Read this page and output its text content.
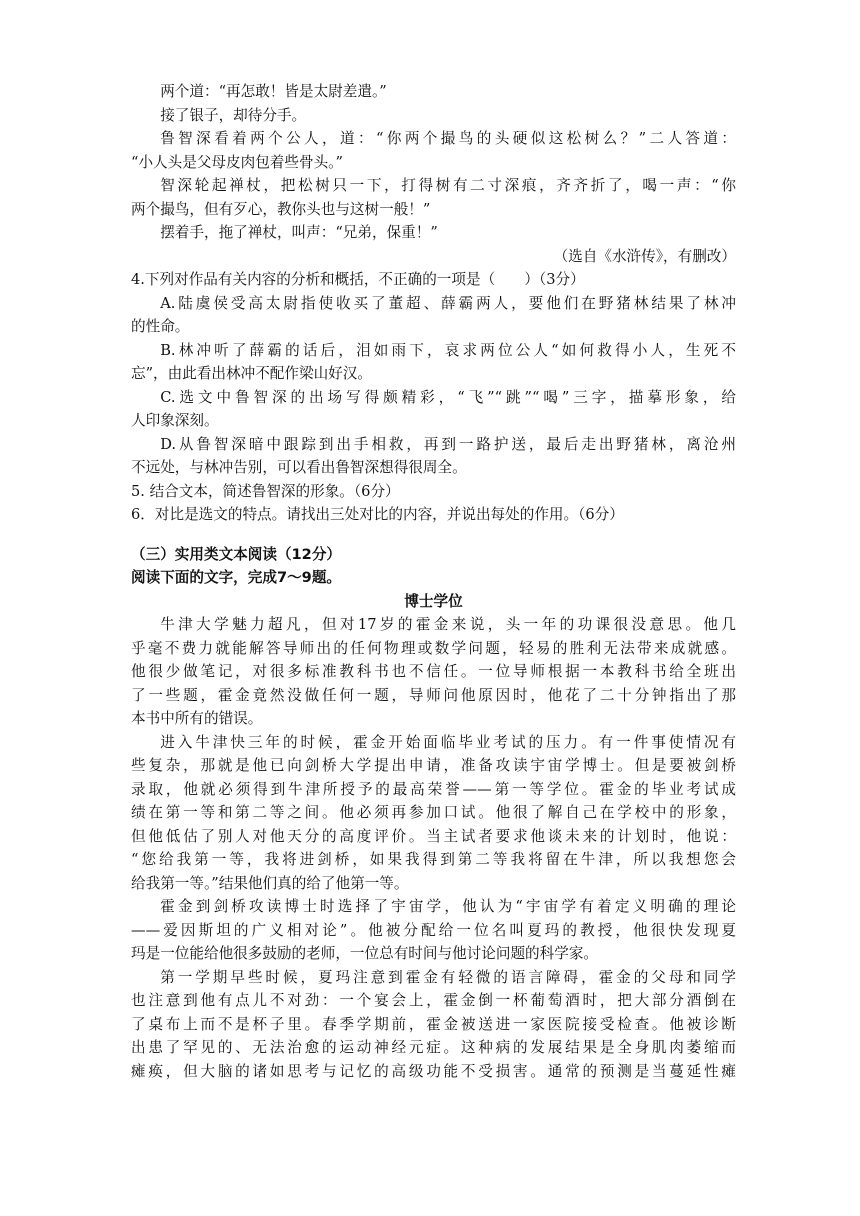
两个道：“再怎敢！皆是太尉差遣。”
接了银子，却待分手。
鲁智深看着两个公人，道：“你两个撮鸟的头硬似这松树么？”二人答道：
“小人头是父母皮肉包着些骨头。”
智深轮起禅杖，把松树只一下，打得树有二寸深痕，齐齐折了，喝一声：“你
两个撮鸟，但有歹心，教你头也与这树一般！”
摆着手，拖了禅杖，叫声：“兄弟，保重！”
（选自《水浒传》，有删改）
4.下列对作品有关内容的分析和概括，不正确的一项是（　　）（3分）
A.陆虞侯受高太尉指使收买了董超、薛霸两人，要他们在野猪林结果了林冲
的性命。
B.林冲听了薛霸的话后，泪如雨下，哀求两位公人“如何救得小人，生死不
忘”，由此看出林冲不配作梁山好汉。
C.选文中鲁智深的出场写得颇精彩，“飞”“跳”“喝”三字，描摹形象，给
人印象深刻。
D.从鲁智深暗中跟踪到出手相救，再到一路护送，最后走出野猪林，离沧州
不远处，与林冲告别，可以看出鲁智深想得很周全。
5. 结合文本，简述鲁智深的形象。（6分）
6．对比是选文的特点。请找出三处对比的内容，并说出每处的作用。（6分）
（三）实用类文本阅读（12分）
阅读下面的文字，完成7～9题。
博士学位
牛津大学魅力超凡，但对17岁的霍金来说，头一年的功课很没意思。他几
乎毫不费力就能解答导师出的任何物理或数学问题，轻易的胜利无法带来成就感。
他很少做笔记，对很多标准教科书也不信任。一位导师根据一本教科书给全班出
了一些题，霍金竟然没做任何一题，导师问他原因时，他花了二十分钟指出了那
本书中所有的错误。
进入牛津快三年的时候，霍金开始面临毕业考试的压力。有一件事使情况有
些复杂，那就是他已向剑桥大学提出申请，准备攻读宇宙学博士。但是要被剑桥
录取，他就必须得到牛津所授予的最高荣誉——第一等学位。霍金的毕业考试成
绩在第一等和第二等之间。他必须再参加口试。他很了解自己在学校中的形象，
但他低估了别人对他天分的高度评价。当主试者要求他谈未来的计划时，他说：
“您给我第一等，我将进剑桥，如果我得到第二等我将留在牛津，所以我想您会
给我第一等。”结果他们真的给了他第一等。
霍金到剑桥攻读博士时选择了宇宙学，他认为“宇宙学有着定义明确的理论
——爱因斯坦的广义相对论”。他被分配给一位名叫夏玛的教授，他很快发现夏
玛是一位能给他很多鼓励的老师，一位总有时间与他讨论问题的科学家。
第一学期早些时候，夏玛注意到霍金有轻微的语言障碍，霍金的父母和同学
也注意到他有点儿不对劲：一个宴会上，霍金倒一杯葡萄酒时，把大部分酒倒在
了桌布上而不是杯子里。春季学期前，霍金被送进一家医院接受检查。他被诊断
出患了罕见的、无法治愈的运动神经元症。这种病的发展结果是全身肌肉萎缩而
瘫痪，但大脑的诸如思考与记忆的高级功能不受损害。通常的预测是当蔓延性瘫
